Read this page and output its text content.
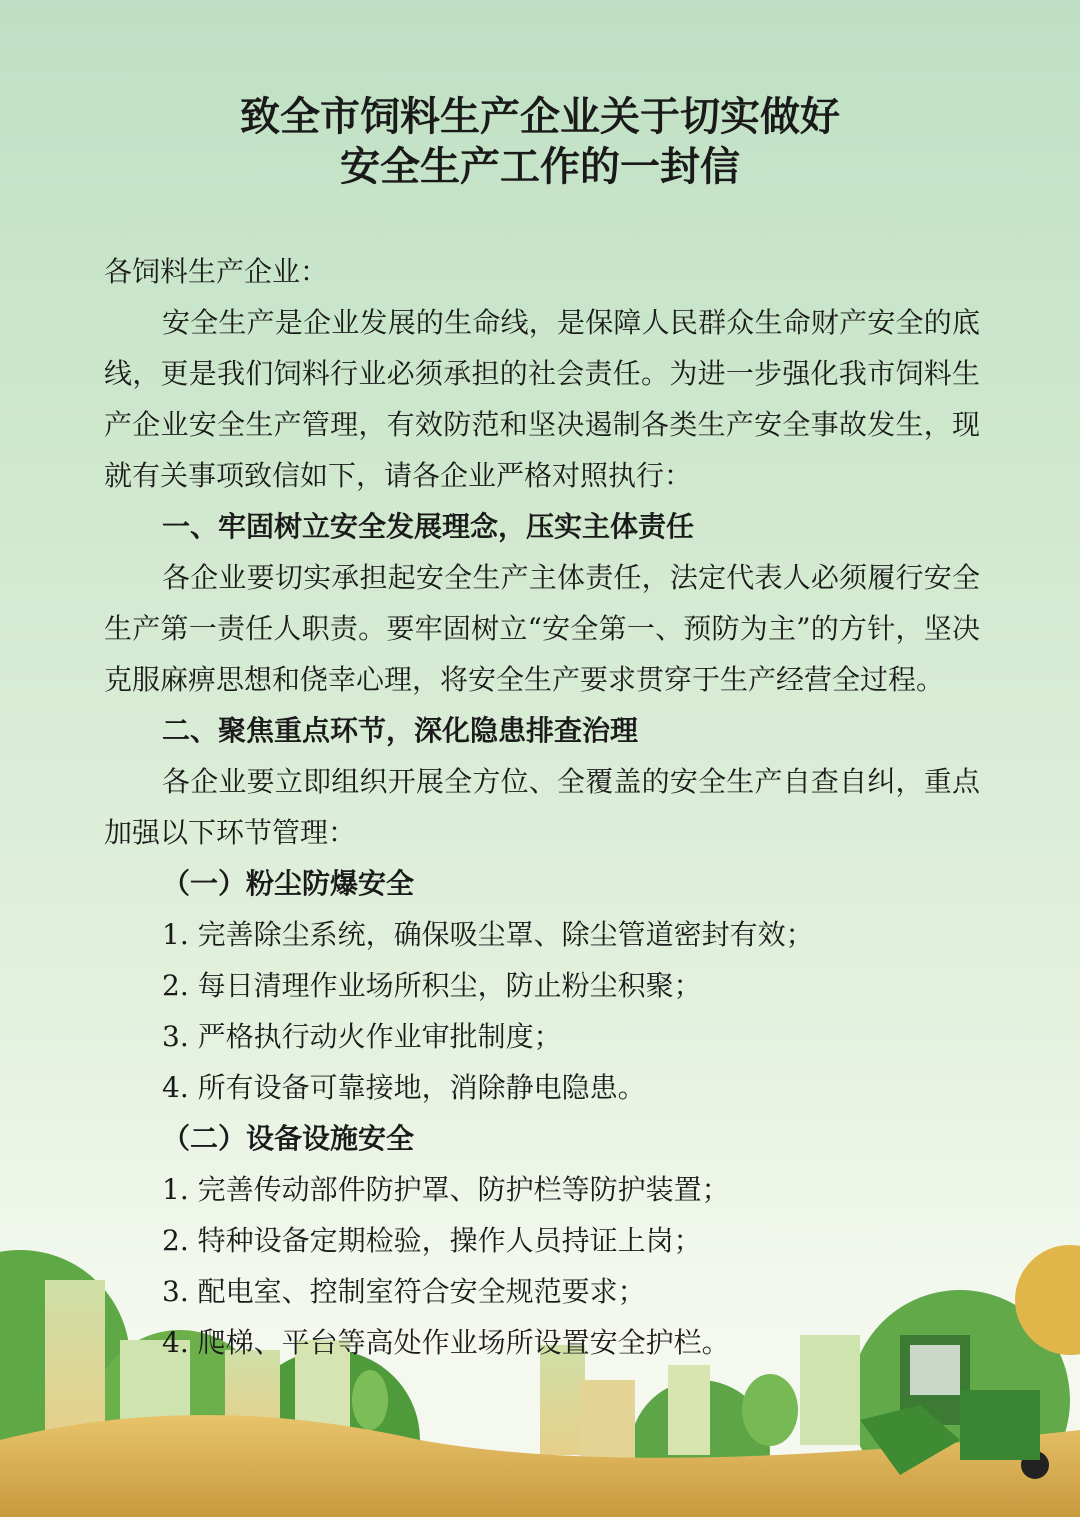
致全市饲料生产企业关于切实做好
安全生产工作的一封信

各饲料生产企业：

安全生产是企业发展的生命线，是保障人民群众生命财产安全的底线，更是我们饲料行业必须承担的社会责任。为进一步强化我市饲料生产企业安全生产管理，有效防范和坚决遏制各类生产安全事故发生，现就有关事项致信如下，请各企业严格对照执行：

一、牢固树立安全发展理念，压实主体责任

各企业要切实承担起安全生产主体责任，法定代表人必须履行安全生产第一责任人职责。要牢固树立“安全第一、预防为主”的方针，坚决克服麻痹思想和侥幸心理，将安全生产要求贯穿于生产经营全过程。

二、聚焦重点环节，深化隐患排查治理

各企业要立即组织开展全方位、全覆盖的安全生产自查自纠，重点加强以下环节管理：

（一）粉尘防爆安全

1. 完善除尘系统，确保吸尘罩、除尘管道密封有效；

2. 每日清理作业场所积尘，防止粉尘积聚；

3. 严格执行动火作业审批制度；

4. 所有设备可靠接地，消除静电隐患。

（二）设备设施安全

1. 完善传动部件防护罩、防护栏等防护装置；

2. 特种设备定期检验，操作人员持证上岗；

3. 配电室、控制室符合安全规范要求；

4. 爬梯、平台等高处作业场所设置安全护栏。
